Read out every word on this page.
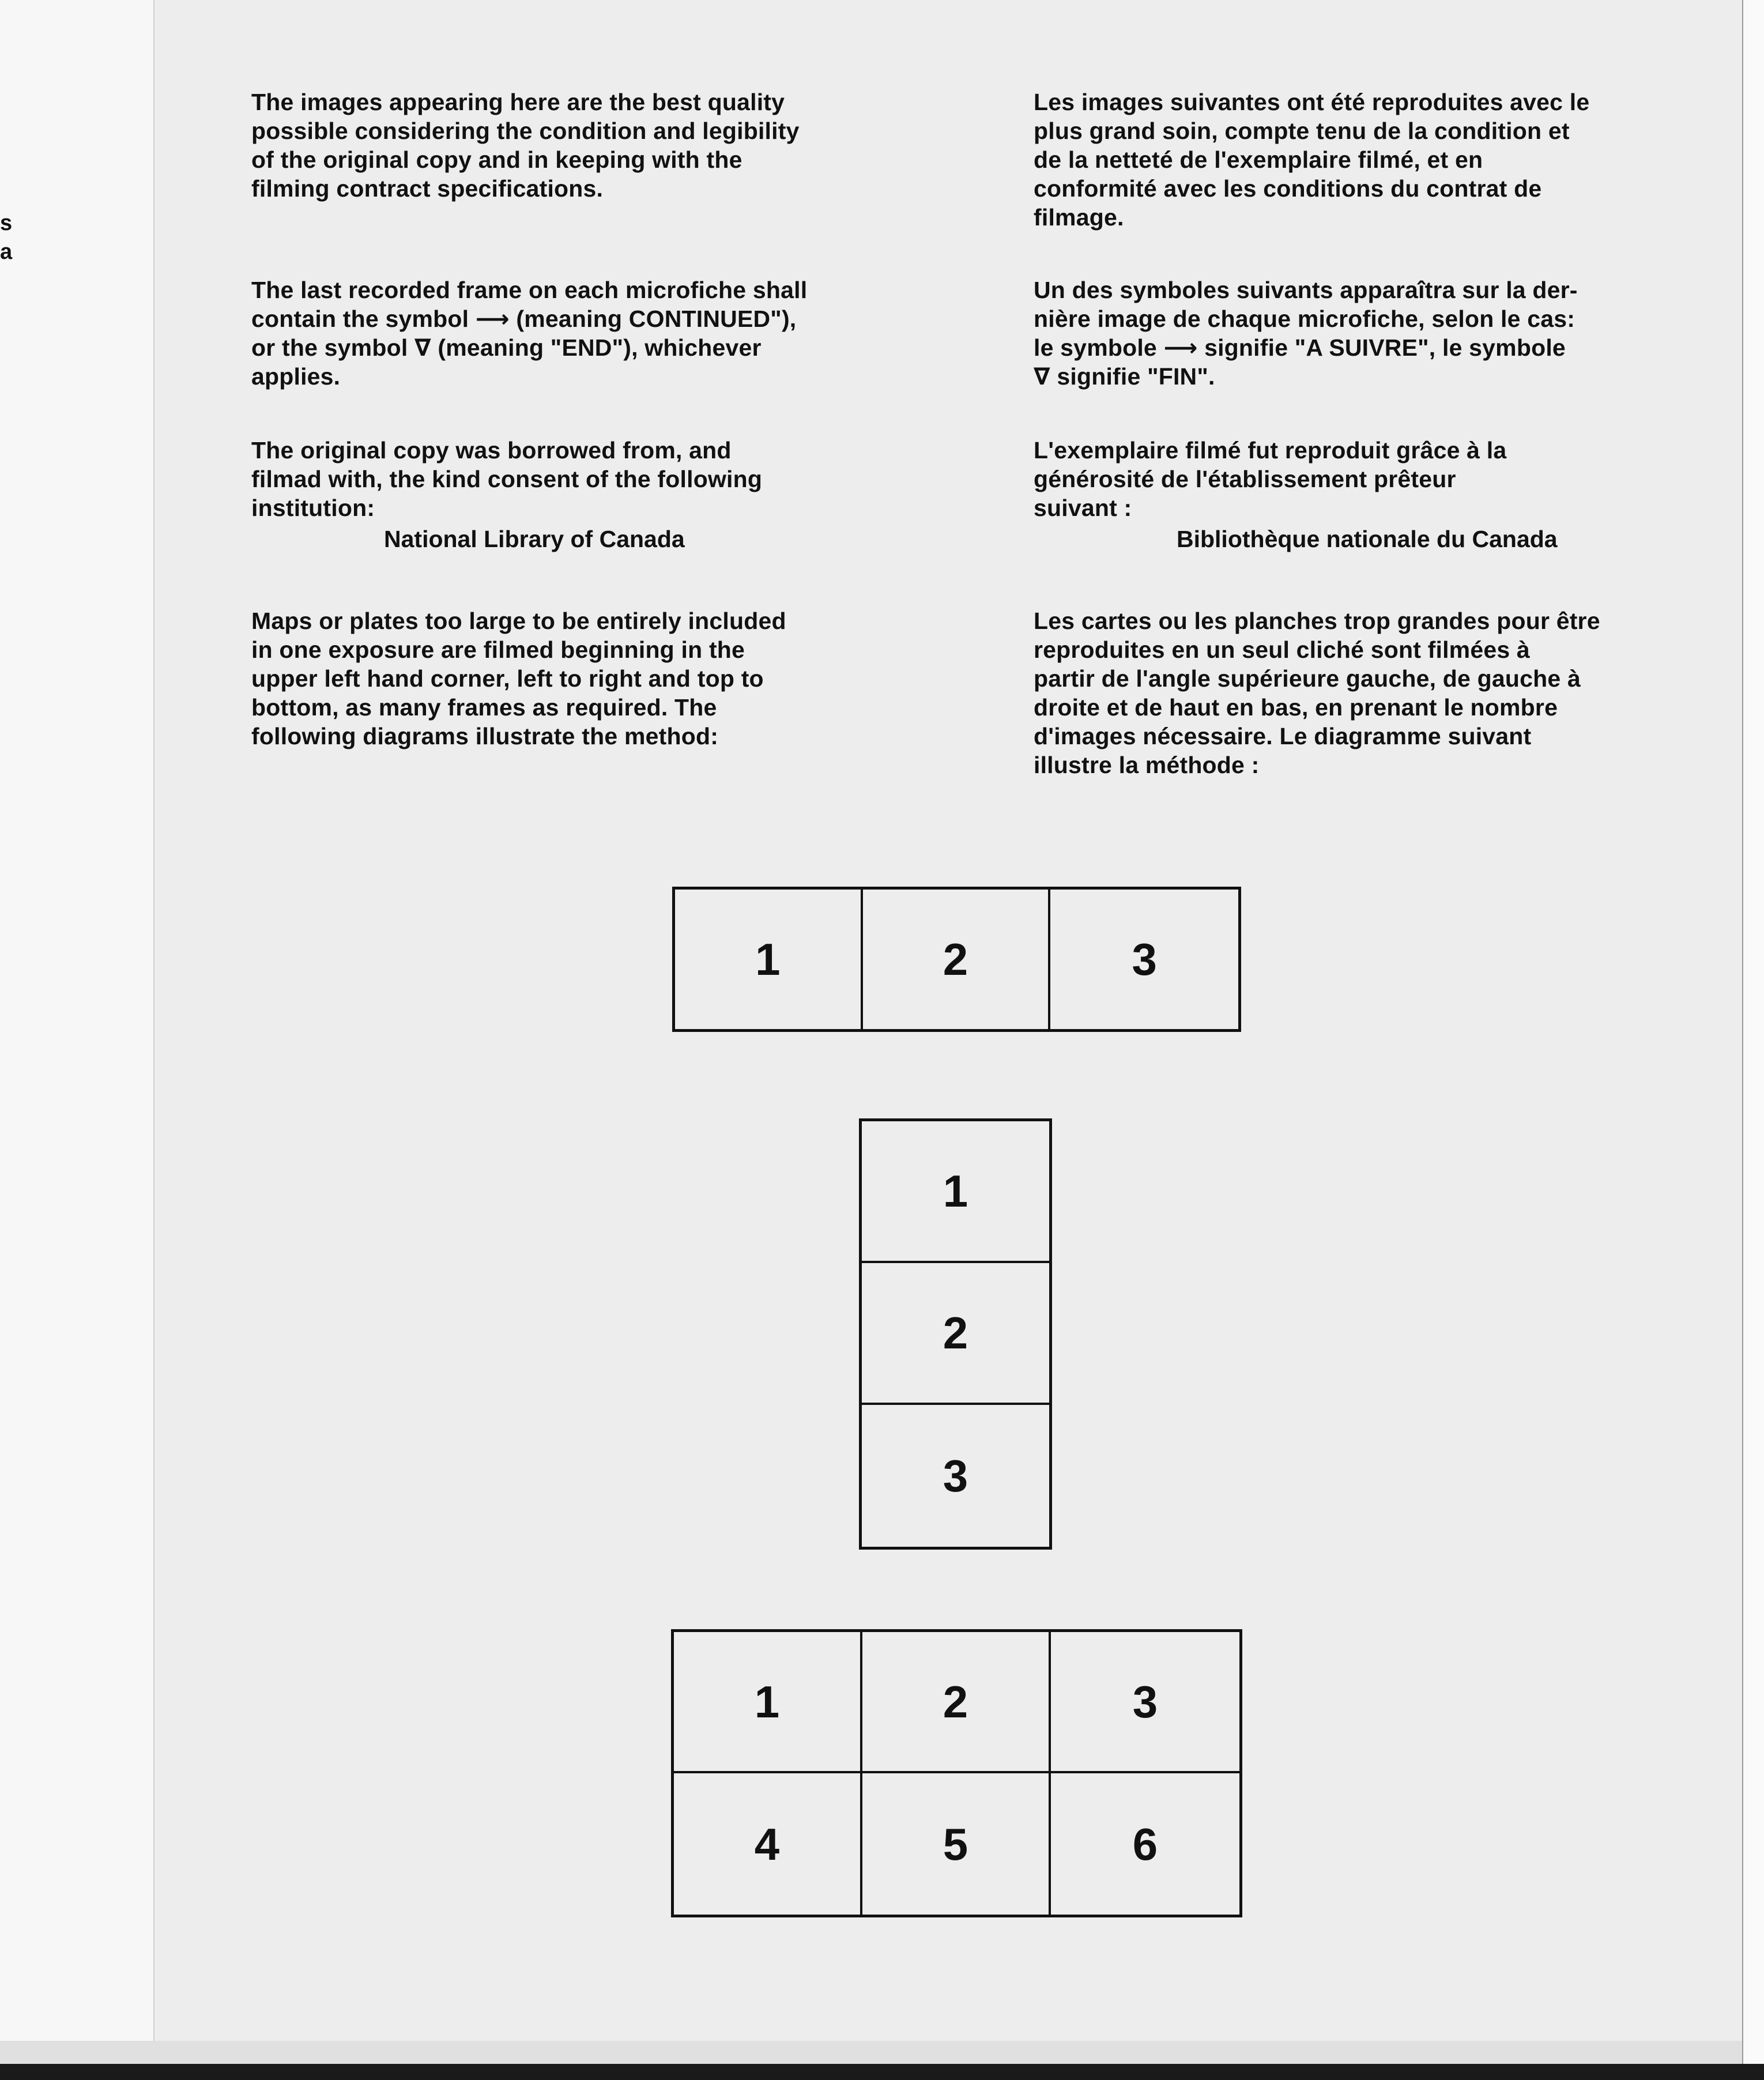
s
a

The images appearing here are the best quality
possible considering the condition and legibility
of the original copy and in keeping with the
filming contract specifications.

The last recorded frame on each microfiche shall
contain the symbol ⟶ (meaning CONTINUED"),
or the symbol ∇ (meaning "END"), whichever
applies.

The original copy was borrowed from, and
filmad with, the kind consent of the following
institution:

National Library of Canada

Maps or plates too large to be entirely included
in one exposure are filmed beginning in the
upper left hand corner, left to right and top to
bottom, as many frames as required. The
following diagrams illustrate the method:

Les images suivantes ont été reproduites avec le
plus grand soin, compte tenu de la condition et
de la netteté de l'exemplaire filmé, et en
conformité avec les conditions du contrat de
filmage.

Un des symboles suivants apparaîtra sur la der-
nière image de chaque microfiche, selon le cas:
le symbole ⟶ signifie "A SUIVRE", le symbole
∇ signifie "FIN".

L'exemplaire filmé fut reproduit grâce à la
générosité de l'établissement prêteur
suivant :

Bibliothèque nationale du Canada

Les cartes ou les planches trop grandes pour être
reproduites en un seul cliché sont filmées à
partir de l'angle supérieure gauche, de gauche à
droite et de haut en bas, en prenant le nombre
d'images nécessaire. Le diagramme suivant
illustre la méthode :

1	2	3
1
2
3
1	2	3
4	5	6
